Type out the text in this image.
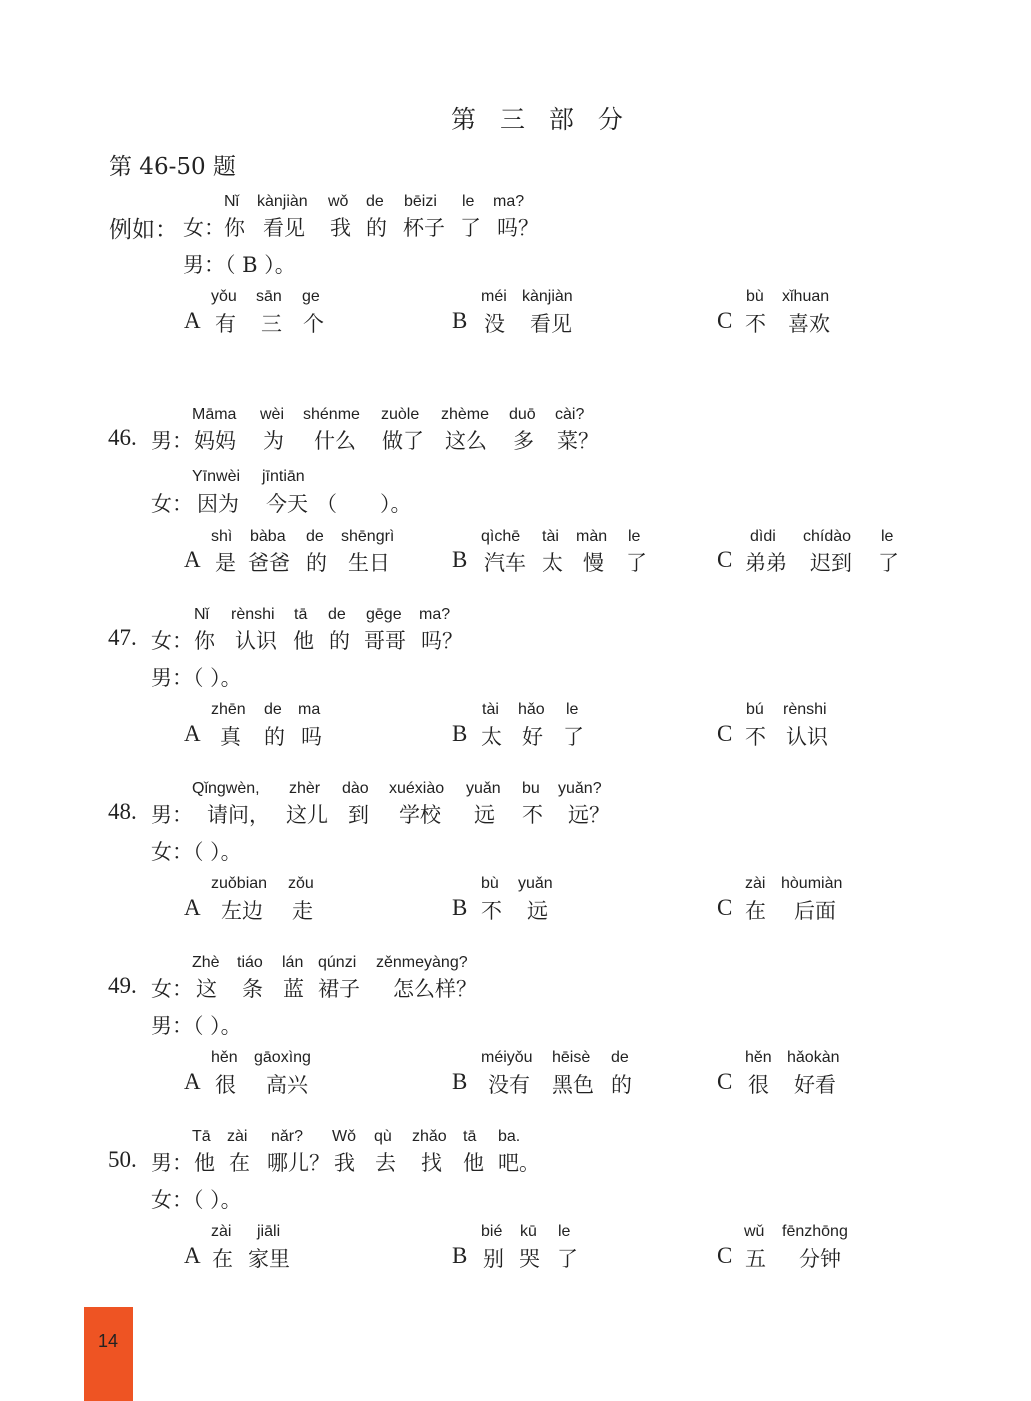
第 三 部 分
第 46-50 题
Nǐ kànjiàn wǒ de bēizi le ma?
例如： 女： 你 看见 我 的 杯子 了 吗？
男：（ B ）。
yǒu sān ge
A 有 三 个
méi kànjiàn
B 没 看见
bù xǐhuan
C 不 喜欢
Māma wèi shénme zuòle zhème duō cài?
46. 男： 妈妈 为 什么 做了 这么 多 菜？
Yīnwèi jīntiān
女： 因为 今天 （ ）。
shì bàba de shēngrì
A 是 爸爸 的 生日
qìchē tài màn le
B 汽车 太 慢 了
dìdi chídào le
C 弟弟 迟到 了
Nǐ rènshi tā de gēge ma?
47. 女： 你 认识 他 的 哥哥 吗？
男：（ ）。
zhēn de ma
A 真 的 吗
tài hǎo le
B 太 好 了
bú rènshi
C 不 认识
Qǐngwèn, zhèr dào xuéxiào yuǎn bu yuǎn?
48. 男： 请问， 这儿 到 学校 远 不 远？
女：（ ）。
zuǒbian zǒu
A 左边 走
bù yuǎn
B 不 远
zài hòumiàn
C 在 后面
Zhè tiáo lán qúnzi zěnmeyàng?
49. 女： 这 条 蓝 裙子 怎么样？
男：（ ）。
hěn gāoxìng
A 很 高兴
méiyǒu hēisè de
B 没有 黑色 的
hěn hǎokàn
C 很 好看
Tā zài nǎr? Wǒ qù zhǎo tā ba.
50. 男： 他 在 哪儿？ 我 去 找 他 吧。
女：（ ）。
zài jiāli
A 在 家里
bié kū le
B 别 哭 了
wǔ fēnzhōng
C 五 分钟
14
